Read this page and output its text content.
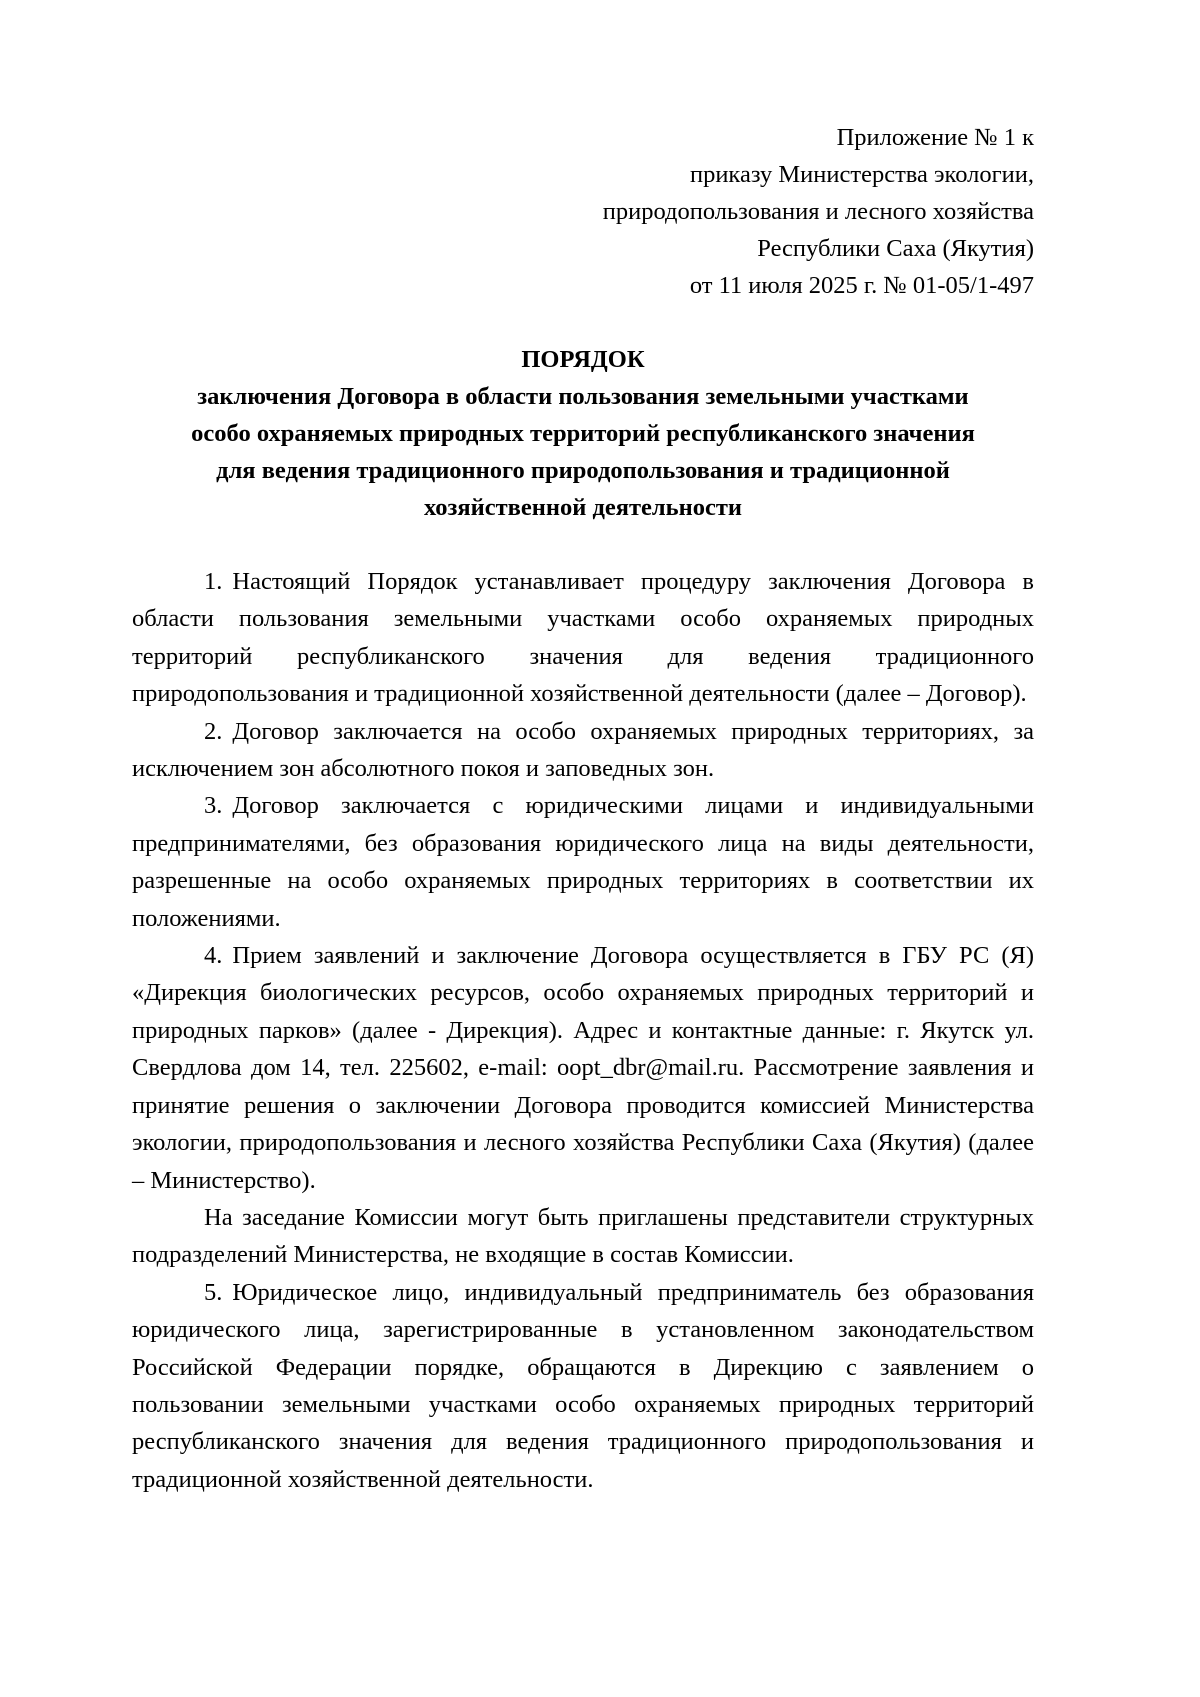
Приложение № 1 к
приказу Министерства экологии,
природопользования и лесного хозяйства
Республики Саха (Якутия)
от 11 июля 2025 г. № 01-05/1-497
ПОРЯДОК
заключения Договора в области пользования земельными участками
особо охраняемых природных территорий республиканского значения
для ведения традиционного природопользования и традиционной
хозяйственной деятельности

1. Настоящий Порядок устанавливает процедуру заключения Договора в области пользования земельными участками особо охраняемых природных территорий республиканского значения для ведения традиционного природопользования и традиционной хозяйственной деятельности (далее – Договор).

2. Договор заключается на особо охраняемых природных территориях, за исключением зон абсолютного покоя и заповедных зон.

3. Договор заключается с юридическими лицами и индивидуальными предпринимателями, без образования юридического лица на виды деятельности, разрешенные на особо охраняемых природных территориях в соответствии их положениями.

4. Прием заявлений и заключение Договора осуществляется в ГБУ РС (Я) «Дирекция биологических ресурсов, особо охраняемых природных территорий и природных парков» (далее - Дирекция). Адрес и контактные данные: г. Якутск ул. Свердлова дом 14, тел. 225602, e-mail: oopt_dbr@mail.ru. Рассмотрение заявления и принятие решения о заключении Договора проводится комиссией Министерства экологии, природопользования и лесного хозяйства Республики Саха (Якутия) (далее – Министерство).

На заседание Комиссии могут быть приглашены представители структурных подразделений Министерства, не входящие в состав Комиссии.

5. Юридическое лицо, индивидуальный предприниматель без образования юридического лица, зарегистрированные в установленном законодательством Российской Федерации порядке, обращаются в Дирекцию с заявлением о пользовании земельными участками особо охраняемых природных территорий республиканского значения для ведения традиционного природопользования и традиционной хозяйственной деятельности.
